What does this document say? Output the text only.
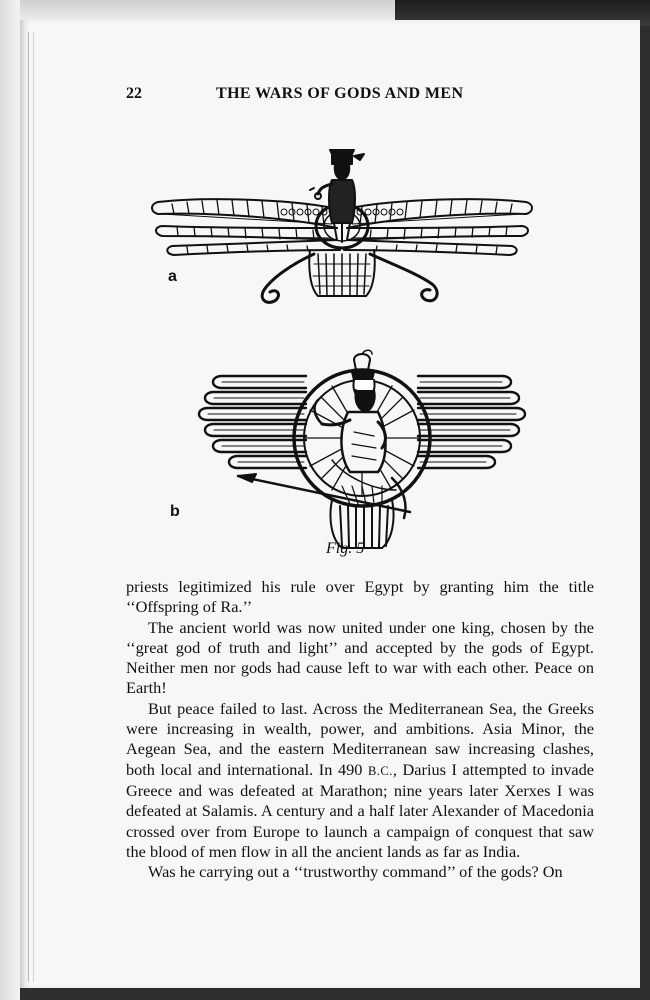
22	THE WARS OF GODS AND MEN
a
b
Fig. 5

priests legitimized his rule over Egypt by granting him the title ‘‘Offspring of Ra.’’

The ancient world was now united under one king, chosen by the ‘‘great god of truth and light’’ and accepted by the gods of Egypt. Neither men nor gods had cause left to war with each other. Peace on Earth!

But peace failed to last. Across the Mediterranean Sea, the Greeks were increasing in wealth, power, and ambitions. Asia Minor, the Aegean Sea, and the eastern Mediterranean saw increasing clashes, both local and international. In 490 B.C., Darius I attempted to invade Greece and was defeated at Marathon; nine years later Xerxes I was defeated at Salamis. A century and a half later Alexander of Macedonia crossed over from Europe to launch a campaign of conquest that saw the blood of men flow in all the ancient lands as far as India.

Was he carrying out a ‘‘trustworthy command’’ of the gods? On
